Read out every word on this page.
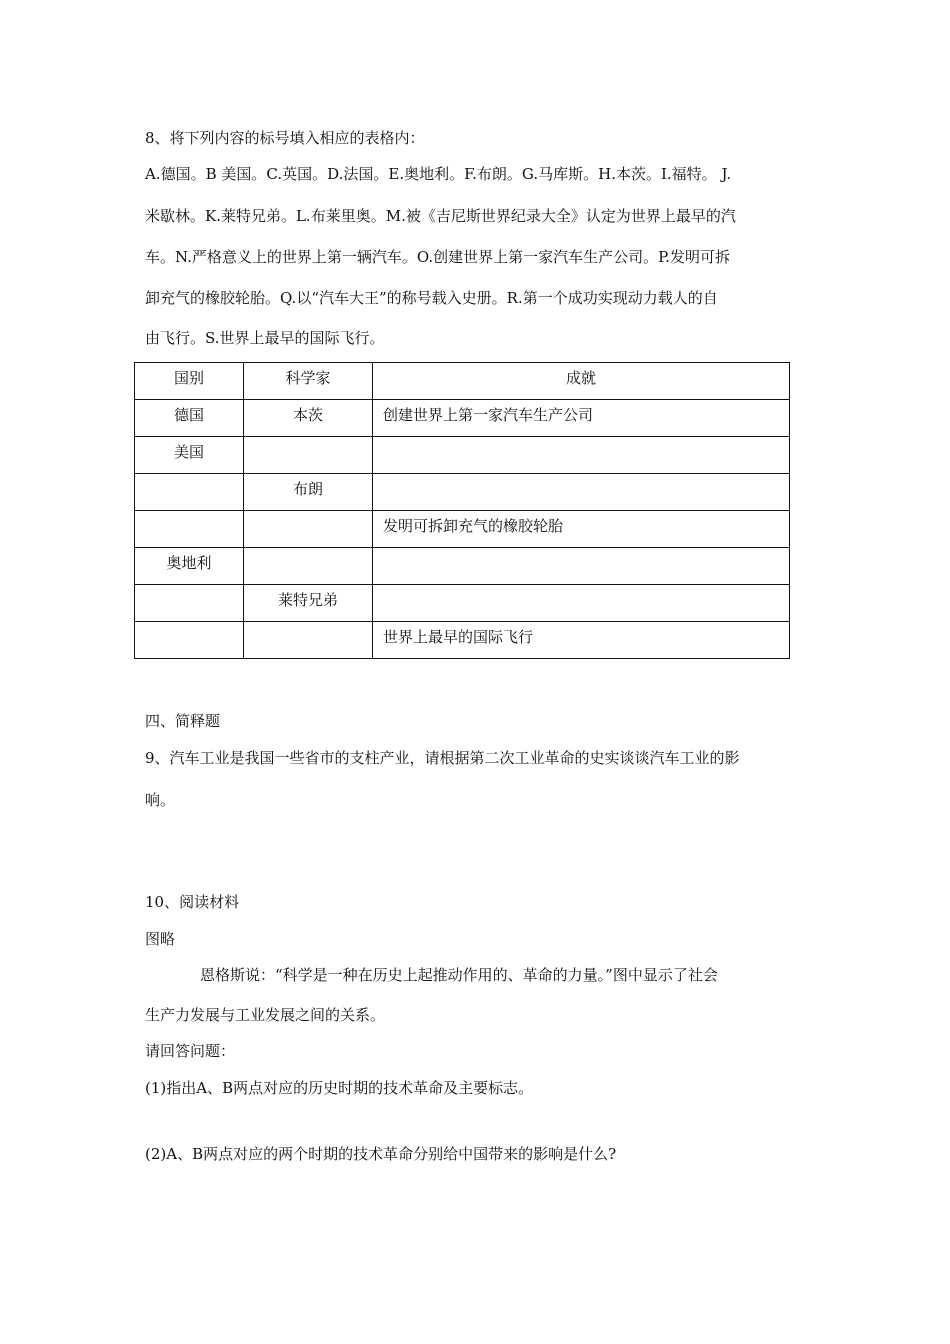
8、将下列内容的标号填入相应的表格内：
A.德国。B 美国。C.英国。D.法国。E.奥地利。F.布朗。G.马库斯。H.本茨。I.福特。 J.
米歇林。K.莱特兄弟。L.布莱里奥。M.被《吉尼斯世界纪录大全》认定为世界上最早的汽
车。N.严格意义上的世界上第一辆汽车。O.创建世界上第一家汽车生产公司。P.发明可拆
卸充气的橡胶轮胎。Q.以“汽车大王”的称号载入史册。R.第一个成功实现动力载人的自
由飞行。S.世界上最早的国际飞行。
国别	科学家	成就

德国	本茨	创建世界上第一家汽车生产公司

美国		

	布朗	

		发明可拆卸充气的橡胶轮胎

奥地利		

	莱特兄弟	

		世界上最早的国际飞行
四、简释题
9、汽车工业是我国一些省市的支柱产业，请根据第二次工业革命的史实谈谈汽车工业的影
响。
10、阅读材料
图略
恩格斯说：“科学是一种在历史上起推动作用的、革命的力量。”图中显示了社会
生产力发展与工业发展之间的关系。
请回答问题：
(1)指出A、B两点对应的历史时期的技术革命及主要标志。
(2)A、B两点对应的两个时期的技术革命分别给中国带来的影响是什么?
